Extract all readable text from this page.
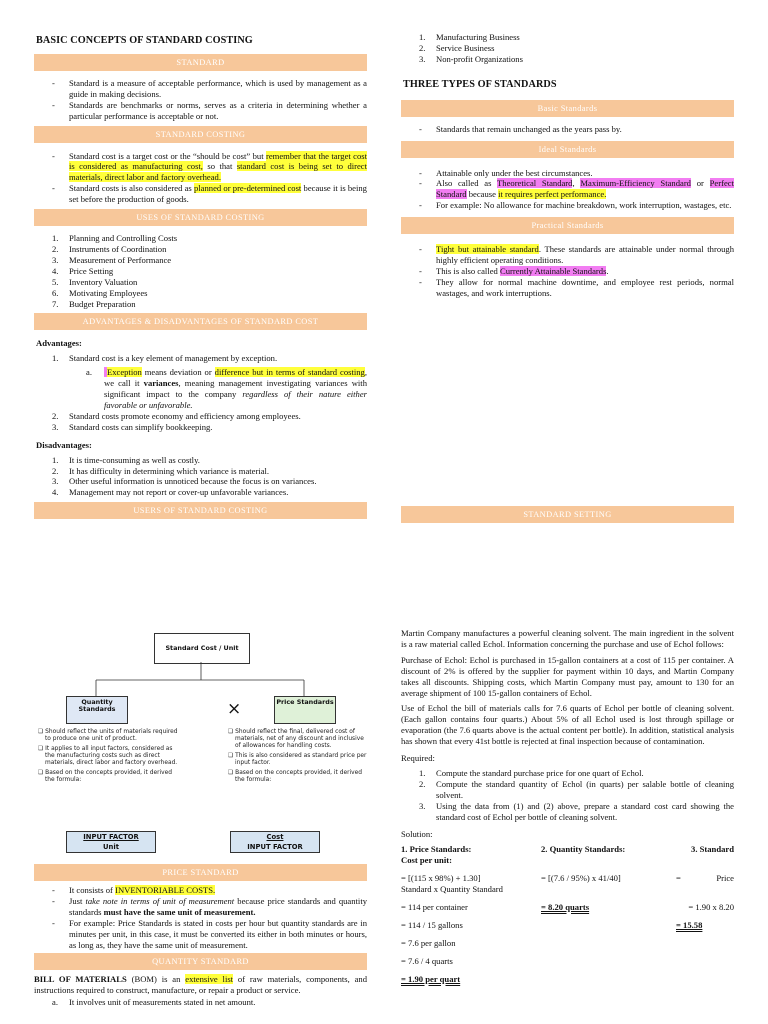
BASIC CONCEPTS OF STANDARD COSTING
STANDARD
- Standard is a measure of acceptable performance, which is used by management as a guide in making decisions.
- Standards are benchmarks or norms, serves as a criteria in determining whether a particular performance is acceptable or not.
STANDARD COSTING
- Standard cost is a target cost or the “should be cost” but remember that the target cost is considered as manufacturing cost, so that standard cost is being set to direct materials, direct labor and factory overhead.
- Standard costs is also considered as planned or pre-determined cost because it is being set before the production of goods.
USES OF STANDARD COSTING
1. Planning and Controlling Costs
2. Instruments of Coordination
3. Measurement of Performance
4. Price Setting
5. Inventory Valuation
6. Motivating Employees
7. Budget Preparation
ADVANTAGES & DISADVANTAGES OF STANDARD COST
Advantages:
1. Standard cost is a key element of management by exception.
a. Exception means deviation or difference but in terms of standard costing, we call it variances, meaning management investigating variances with significant impact to the company regardless of their nature either favorable or unfavorable.
2. Standard costs promote economy and efficiency among employees.
3. Standard costs can simplify bookkeeping.
Disadvantages:
1. It is time-consuming as well as costly.
2. It has difficulty in determining which variance is material.
3. Other useful information is unnoticed because the focus is on variances.
4. Management may not report or cover-up unfavorable variances.
USERS OF STANDARD COSTING
Standard Cost / Unit
Quantity Standards	×	Price Standards

❏ Should reflect the units of materials required to produce one unit of product.

❏ It applies to all input factors, considered as the manufacturing costs such as direct materials, direct labor and factory overhead.

❏ Based on the concepts provided, it derived the formula:

❏ Should reflect the final, delivered cost of materials, net of any discount and inclusive of allowances for handling costs.

❏ This is also considered as standard price per input factor.

❏ Based on the concepts provided, it derived the formula:

INPUT FACTOR
Unit
Cost
INPUT FACTOR
PRICE STANDARD
- It consists of INVENTORIABLE COSTS.
- Just take note in terms of unit of measurement because price standards and quantity standards must have the same unit of measurement.
- For example: Price Standards is stated in costs per hour but quantity standards are in minutes per unit, in this case, it must be converted its either in both minutes or hours, as long as, they have the same unit of measurement.
QUANTITY STANDARD

BILL OF MATERIALS (BOM) is an extensive list of raw materials, components, and instructions required to construct, manufacture, or repair a product or service.

a. It involves unit of measurements stated in net amount.
1. Manufacturing Business
2. Service Business
3. Non-profit Organizations
THREE TYPES OF STANDARDS
Basic Standards
- Standards that remain unchanged as the years pass by.
Ideal Standards
- Attainable only under the best circumstances.
- Also called as Theoretical Standard, Maximum-Efficiency Standard or Perfect Standard because it requires perfect performance.
- For example: No allowance for machine breakdown, work interruption, wastages, etc.
Practical Standards
- Tight but attainable standard. These standards are attainable under normal through highly efficient operating conditions.
- This is also called Currently Attainable Standards.
- They allow for normal machine downtime, and employee rest periods, normal wastages, and work interruptions.
STANDARD SETTING

Martin Company manufactures a powerful cleaning solvent. The main ingredient in the solvent is a raw material called Echol. Information concerning the purchase and use of Echol follows:

Purchase of Echol: Echol is purchased in 15-gallon containers at a cost of 115 per container. A discount of 2% is offered by the supplier for payment within 10 days, and Martin Company takes all discounts. Shipping costs, which Martin Company must pay, amount to 130 for an average shipment of 100 15-gallon containers of Echol.

Use of Echol the bill of materials calls for 7.6 quarts of Echol per bottle of cleaning solvent. (Each gallon contains four quarts.) About 5% of all Echol used is lost through spillage or evaporation (the 7.6 quarts above is the actual content per bottle). In addition, statistical analysis has shown that every 41st bottle is rejected at final inspection because of contamination.

Required:
1. Compute the standard purchase price for one quart of Echol.
2. Compute the standard quantity of Echol (in quarts) per salable bottle of cleaning solvent.
3. Using the data from (1) and (2) above, prepare a standard cost card showing the standard cost of Echol per bottle of cleaning solvent.
Solution:
1. Price Standards:	2. Quantity Standards:	3. Standard
Cost per unit:		
= [(115 x 98%) + 1.30]	= [(7.6 / 95%) x 41/40]	= Price

Standard x Quantity Standard		
= 114 per container	= 8.20 quarts	= 1.90 x 8.20
= 114 / 15 gallons		= 15.58
= 7.6 per gallon		
= 7.6 / 4 quarts		
= 1.90 per quart		
